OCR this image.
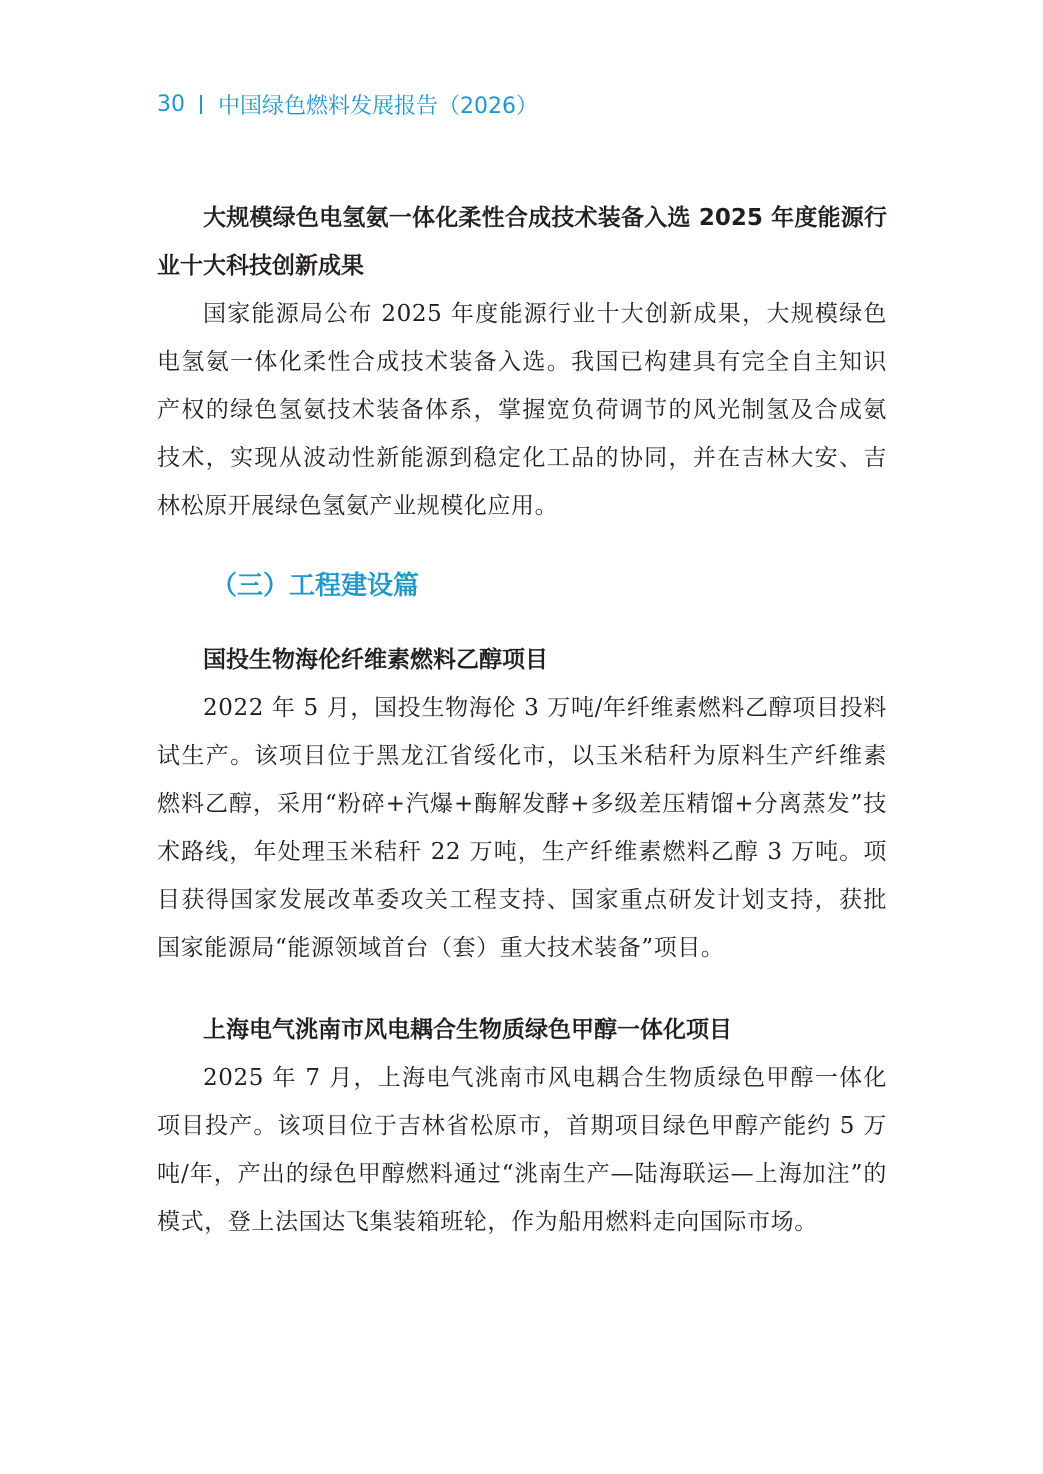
30 中国绿色燃料发展报告（2026）

大规模绿色电氢氨一体化柔性合成技术装备入选 2025 年度能源行业十大科技创新成果

国家能源局公布 2025 年度能源行业十大创新成果，大规模绿色电氢氨一体化柔性合成技术装备入选。我国已构建具有完全自主知识产权的绿色氢氨技术装备体系，掌握宽负荷调节的风光制氢及合成氨技术，实现从波动性新能源到稳定化工品的协同，并在吉林大安、吉林松原开展绿色氢氨产业规模化应用。

（三）工程建设篇

国投生物海伦纤维素燃料乙醇项目

2022 年 5 月，国投生物海伦 3 万吨/年纤维素燃料乙醇项目投料试生产。该项目位于黑龙江省绥化市，以玉米秸秆为原料生产纤维素燃料乙醇，采用“粉碎+汽爆+酶解发酵+多级差压精馏+分离蒸发”技术路线，年处理玉米秸秆 22 万吨，生产纤维素燃料乙醇 3 万吨。项目获得国家发展改革委攻关工程支持、国家重点研发计划支持，获批国家能源局“能源领域首台（套）重大技术装备”项目。

上海电气洮南市风电耦合生物质绿色甲醇一体化项目

2025 年 7 月，上海电气洮南市风电耦合生物质绿色甲醇一体化项目投产。该项目位于吉林省松原市，首期项目绿色甲醇产能约 5 万吨/年，产出的绿色甲醇燃料通过“洮南生产—陆海联运—上海加注”的模式，登上法国达飞集装箱班轮，作为船用燃料走向国际市场。
